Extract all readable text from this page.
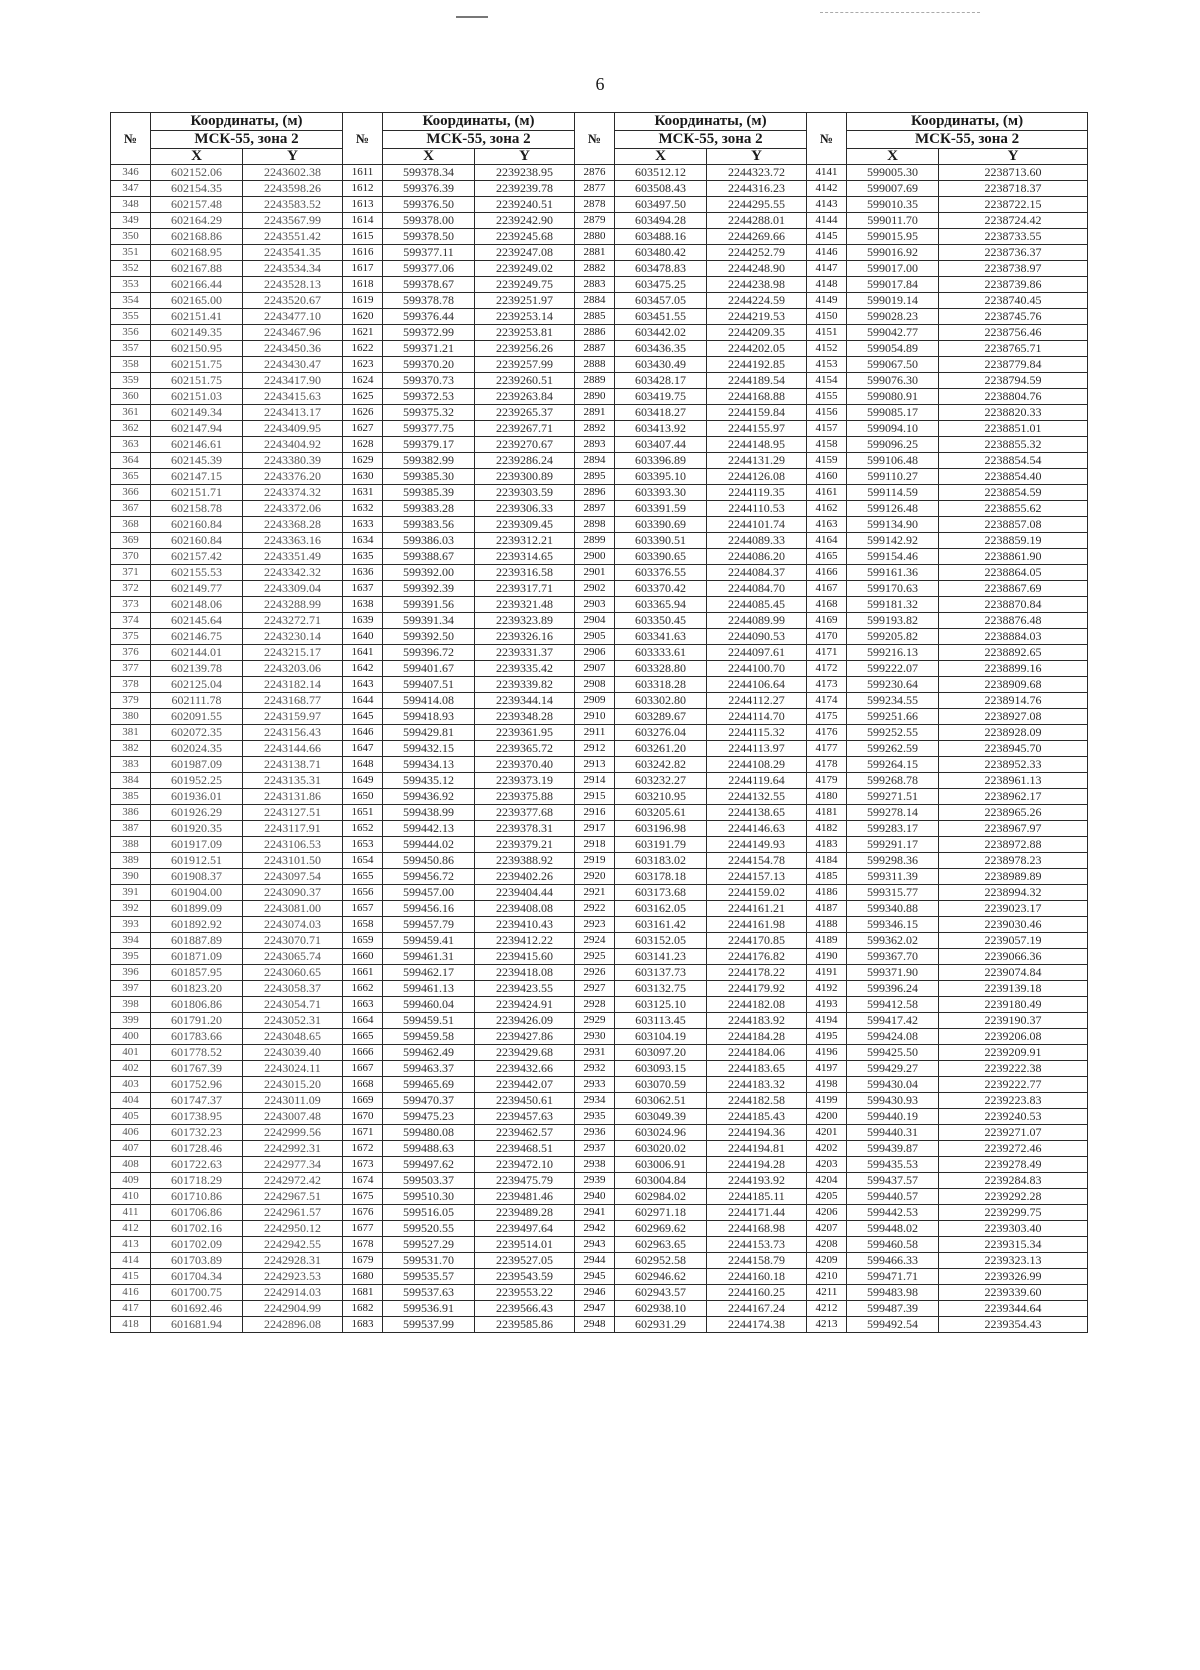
6
№	Координаты, (м)		№	Координаты, (м)		№	Координаты, (м)		№	Координаты, (м)	
	МСК-55, зона 2			МСК-55, зона 2			МСК-55, зона 2			МСК-55, зона 2	
	X	Y		X	Y		X	Y		X	Y
346	602152.06	2243602.38	1611	599378.34	2239238.95	2876	603512.12	2244323.72	4141	599005.30	2238713.60
347	602154.35	2243598.26	1612	599376.39	2239239.78	2877	603508.43	2244316.23	4142	599007.69	2238718.37
348	602157.48	2243583.52	1613	599376.50	2239240.51	2878	603497.50	2244295.55	4143	599010.35	2238722.15
349	602164.29	2243567.99	1614	599378.00	2239242.90	2879	603494.28	2244288.01	4144	599011.70	2238724.42
350	602168.86	2243551.42	1615	599378.50	2239245.68	2880	603488.16	2244269.66	4145	599015.95	2238733.55
351	602168.95	2243541.35	1616	599377.11	2239247.08	2881	603480.42	2244252.79	4146	599016.92	2238736.37
352	602167.88	2243534.34	1617	599377.06	2239249.02	2882	603478.83	2244248.90	4147	599017.00	2238738.97
353	602166.44	2243528.13	1618	599378.67	2239249.75	2883	603475.25	2244238.98	4148	599017.84	2238739.86
354	602165.00	2243520.67	1619	599378.78	2239251.97	2884	603457.05	2244224.59	4149	599019.14	2238740.45
355	602151.41	2243477.10	1620	599376.44	2239253.14	2885	603451.55	2244219.53	4150	599028.23	2238745.76
356	602149.35	2243467.96	1621	599372.99	2239253.81	2886	603442.02	2244209.35	4151	599042.77	2238756.46
357	602150.95	2243450.36	1622	599371.21	2239256.26	2887	603436.35	2244202.05	4152	599054.89	2238765.71
358	602151.75	2243430.47	1623	599370.20	2239257.99	2888	603430.49	2244192.85	4153	599067.50	2238779.84
359	602151.75	2243417.90	1624	599370.73	2239260.51	2889	603428.17	2244189.54	4154	599076.30	2238794.59
360	602151.03	2243415.63	1625	599372.53	2239263.84	2890	603419.75	2244168.88	4155	599080.91	2238804.76
361	602149.34	2243413.17	1626	599375.32	2239265.37	2891	603418.27	2244159.84	4156	599085.17	2238820.33
362	602147.94	2243409.95	1627	599377.75	2239267.71	2892	603413.92	2244155.97	4157	599094.10	2238851.01
363	602146.61	2243404.92	1628	599379.17	2239270.67	2893	603407.44	2244148.95	4158	599096.25	2238855.32
364	602145.39	2243380.39	1629	599382.99	2239286.24	2894	603396.89	2244131.29	4159	599106.48	2238854.54
365	602147.15	2243376.20	1630	599385.30	2239300.89	2895	603395.10	2244126.08	4160	599110.27	2238854.40
366	602151.71	2243374.32	1631	599385.39	2239303.59	2896	603393.30	2244119.35	4161	599114.59	2238854.59
367	602158.78	2243372.06	1632	599383.28	2239306.33	2897	603391.59	2244110.53	4162	599126.48	2238855.62
368	602160.84	2243368.28	1633	599383.56	2239309.45	2898	603390.69	2244101.74	4163	599134.90	2238857.08
369	602160.84	2243363.16	1634	599386.03	2239312.21	2899	603390.51	2244089.33	4164	599142.92	2238859.19
370	602157.42	2243351.49	1635	599388.67	2239314.65	2900	603390.65	2244086.20	4165	599154.46	2238861.90
371	602155.53	2243342.32	1636	599392.00	2239316.58	2901	603376.55	2244084.37	4166	599161.36	2238864.05
372	602149.77	2243309.04	1637	599392.39	2239317.71	2902	603370.42	2244084.70	4167	599170.63	2238867.69
373	602148.06	2243288.99	1638	599391.56	2239321.48	2903	603365.94	2244085.45	4168	599181.32	2238870.84
374	602145.64	2243272.71	1639	599391.34	2239323.89	2904	603350.45	2244089.99	4169	599193.82	2238876.48
375	602146.75	2243230.14	1640	599392.50	2239326.16	2905	603341.63	2244090.53	4170	599205.82	2238884.03
376	602144.01	2243215.17	1641	599396.72	2239331.37	2906	603333.61	2244097.61	4171	599216.13	2238892.65
377	602139.78	2243203.06	1642	599401.67	2239335.42	2907	603328.80	2244100.70	4172	599222.07	2238899.16
378	602125.04	2243182.14	1643	599407.51	2239339.82	2908	603318.28	2244106.64	4173	599230.64	2238909.68
379	602111.78	2243168.77	1644	599414.08	2239344.14	2909	603302.80	2244112.27	4174	599234.55	2238914.76
380	602091.55	2243159.97	1645	599418.93	2239348.28	2910	603289.67	2244114.70	4175	599251.66	2238927.08
381	602072.35	2243156.43	1646	599429.81	2239361.95	2911	603276.04	2244115.32	4176	599252.55	2238928.09
382	602024.35	2243144.66	1647	599432.15	2239365.72	2912	603261.20	2244113.97	4177	599262.59	2238945.70
383	601987.09	2243138.71	1648	599434.13	2239370.40	2913	603242.82	2244108.29	4178	599264.15	2238952.33
384	601952.25	2243135.31	1649	599435.12	2239373.19	2914	603232.27	2244119.64	4179	599268.78	2238961.13
385	601936.01	2243131.86	1650	599436.92	2239375.88	2915	603210.95	2244132.55	4180	599271.51	2238962.17
386	601926.29	2243127.51	1651	599438.99	2239377.68	2916	603205.61	2244138.65	4181	599278.14	2238965.26
387	601920.35	2243117.91	1652	599442.13	2239378.31	2917	603196.98	2244146.63	4182	599283.17	2238967.97
388	601917.09	2243106.53	1653	599444.02	2239379.21	2918	603191.79	2244149.93	4183	599291.17	2238972.88
389	601912.51	2243101.50	1654	599450.86	2239388.92	2919	603183.02	2244154.78	4184	599298.36	2238978.23
390	601908.37	2243097.54	1655	599456.72	2239402.26	2920	603178.18	2244157.13	4185	599311.39	2238989.89
391	601904.00	2243090.37	1656	599457.00	2239404.44	2921	603173.68	2244159.02	4186	599315.77	2238994.32
392	601899.09	2243081.00	1657	599456.16	2239408.08	2922	603162.05	2244161.21	4187	599340.88	2239023.17
393	601892.92	2243074.03	1658	599457.79	2239410.43	2923	603161.42	2244161.98	4188	599346.15	2239030.46
394	601887.89	2243070.71	1659	599459.41	2239412.22	2924	603152.05	2244170.85	4189	599362.02	2239057.19
395	601871.09	2243065.74	1660	599461.31	2239415.60	2925	603141.23	2244176.82	4190	599367.70	2239066.36
396	601857.95	2243060.65	1661	599462.17	2239418.08	2926	603137.73	2244178.22	4191	599371.90	2239074.84
397	601823.20	2243058.37	1662	599461.13	2239423.55	2927	603132.75	2244179.92	4192	599396.24	2239139.18
398	601806.86	2243054.71	1663	599460.04	2239424.91	2928	603125.10	2244182.08	4193	599412.58	2239180.49
399	601791.20	2243052.31	1664	599459.51	2239426.09	2929	603113.45	2244183.92	4194	599417.42	2239190.37
400	601783.66	2243048.65	1665	599459.58	2239427.86	2930	603104.19	2244184.28	4195	599424.08	2239206.08
401	601778.52	2243039.40	1666	599462.49	2239429.68	2931	603097.20	2244184.06	4196	599425.50	2239209.91
402	601767.39	2243024.11	1667	599463.37	2239432.66	2932	603093.15	2244183.65	4197	599429.27	2239222.38
403	601752.96	2243015.20	1668	599465.69	2239442.07	2933	603070.59	2244183.32	4198	599430.04	2239222.77
404	601747.37	2243011.09	1669	599470.37	2239450.61	2934	603062.51	2244182.58	4199	599430.93	2239223.83
405	601738.95	2243007.48	1670	599475.23	2239457.63	2935	603049.39	2244185.43	4200	599440.19	2239240.53
406	601732.23	2242999.56	1671	599480.08	2239462.57	2936	603024.96	2244194.36	4201	599440.31	2239271.07
407	601728.46	2242992.31	1672	599488.63	2239468.51	2937	603020.02	2244194.81	4202	599439.87	2239272.46
408	601722.63	2242977.34	1673	599497.62	2239472.10	2938	603006.91	2244194.28	4203	599435.53	2239278.49
409	601718.29	2242972.42	1674	599503.37	2239475.79	2939	603004.84	2244193.92	4204	599437.57	2239284.83
410	601710.86	2242967.51	1675	599510.30	2239481.46	2940	602984.02	2244185.11	4205	599440.57	2239292.28
411	601706.86	2242961.57	1676	599516.05	2239489.28	2941	602971.18	2244171.44	4206	599442.53	2239299.75
412	601702.16	2242950.12	1677	599520.55	2239497.64	2942	602969.62	2244168.98	4207	599448.02	2239303.40
413	601702.09	2242942.55	1678	599527.29	2239514.01	2943	602963.65	2244153.73	4208	599460.58	2239315.34
414	601703.89	2242928.31	1679	599531.70	2239527.05	2944	602952.58	2244158.79	4209	599466.33	2239323.13
415	601704.34	2242923.53	1680	599535.57	2239543.59	2945	602946.62	2244160.18	4210	599471.71	2239326.99
416	601700.75	2242914.03	1681	599537.63	2239553.22	2946	602943.57	2244160.25	4211	599483.98	2239339.60
417	601692.46	2242904.99	1682	599536.91	2239566.43	2947	602938.10	2244167.24	4212	599487.39	2239344.64
418	601681.94	2242896.08	1683	599537.99	2239585.86	2948	602931.29	2244174.38	4213	599492.54	2239354.43
